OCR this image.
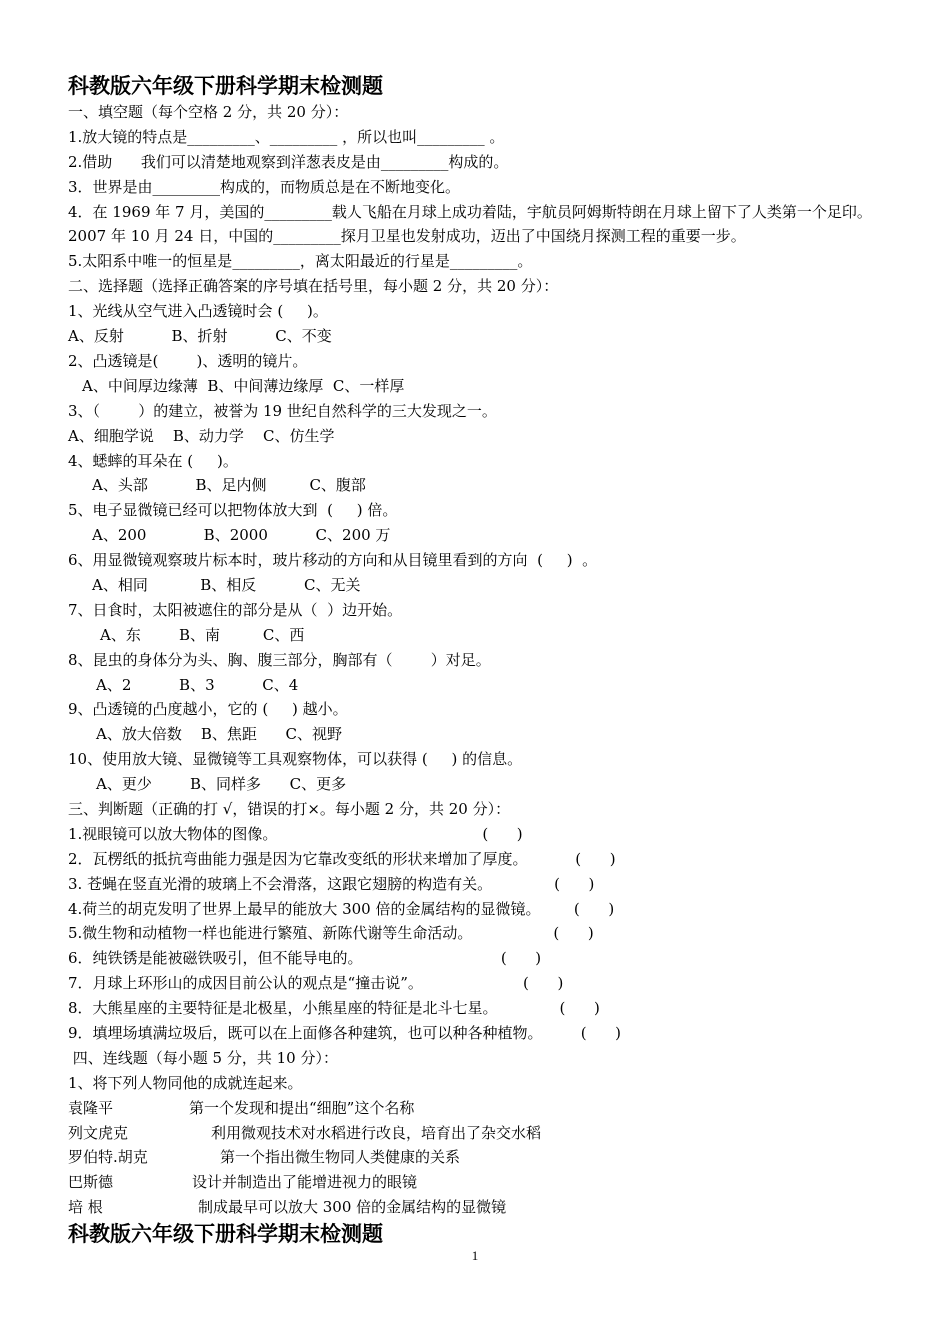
科教版六年级下册科学期末检测题
一、填空题（每个空格 2 分，共 20 分）：
1.放大镜的特点是_________、_________ ，所以也叫_________ 。
2.借助      我们可以清楚地观察到洋葱表皮是由_________构成的。
3．世界是由_________构成的，而物质总是在不断地变化。
4．在 1969 年 7 月，美国的_________载人飞船在月球上成功着陆，宇航员阿姆斯特朗在月球上留下了人类第一个足印。2007 年 10 月 24 日，中国的_________探月卫星也发射成功，迈出了中国绕月探测工程的重要一步。
5.太阳系中唯一的恒星是_________，离太阳最近的行星是_________。
二、选择题（选择正确答案的序号填在括号里，每小题 2 分，共 20 分）：
1、光线从空气进入凸透镜时会 (     )。
A、反射          B、折射          C、不变
2、凸透镜是(        )、透明的镜片。
A、中间厚边缘薄  B、中间薄边缘厚  C、一样厚
3、（        ）的建立，被誉为 19 世纪自然科学的三大发现之一。
A、细胞学说    B、动力学    C、仿生学
4、蟋蟀的耳朵在 (     )。
A、头部          B、足内侧         C、腹部
5、电子显微镜已经可以把物体放大到  (     ) 倍。
A、200            B、2000          C、200 万
6、用显微镜观察玻片标本时，玻片移动的方向和从目镜里看到的方向  (     )  。
A、相同           B、相反          C、无关
7、日食时，太阳被遮住的部分是从（  ）边开始。
A、东        B、南         C、西
8、昆虫的身体分为头、胸、腹三部分，胸部有（        ）对足。
A、2          B、3          C、4
9、凸透镜的凸度越小，它的 (     ) 越小。
A、放大倍数    B、焦距      C、视野
10、使用放大镜、显微镜等工具观察物体，可以获得 (     ) 的信息。
A、更少        B、同样多      C、更多
三、判断题（正确的打 √，错误的打×。每小题 2 分，共 20 分）：
1.视眼镜可以放大物体的图像。                                           (      )
2．瓦楞纸的抵抗弯曲能力强是因为它靠改变纸的形状来增加了厚度。          (      )
3. 苍蝇在竖直光滑的玻璃上不会滑落，这跟它翅膀的构造有关。             (      )
4.荷兰的胡克发明了世界上最早的能放大 300 倍的金属结构的显微镜。       (      )
5.微生物和动植物一样也能进行繁殖、新陈代谢等生命活动。                 (      )
6．纯铁锈是能被磁铁吸引，但不能导电的。                             (      )
7．月球上环形山的成因目前公认的观点是“撞击说”。                     (      )
8．大熊星座的主要特征是北极星，小熊星座的特征是北斗七星。             (      )
9．填埋场填满垃圾后，既可以在上面修各种建筑，也可以种各种植物。        (      )
四、连线题（每小题 5 分，共 10 分）：
1、将下列人物同他的成就连起来。
袁隆平	第一个发现和提出“细胞”这个名称
列文虎克	利用微观技术对水稻进行改良，培育出了杂交水稻
罗伯特.胡克	第一个指出微生物同人类健康的关系
巴斯德	设计并制造出了能增进视力的眼镜
培 根	制成最早可以放大 300 倍的金属结构的显微镜
科教版六年级下册科学期末检测题
1
